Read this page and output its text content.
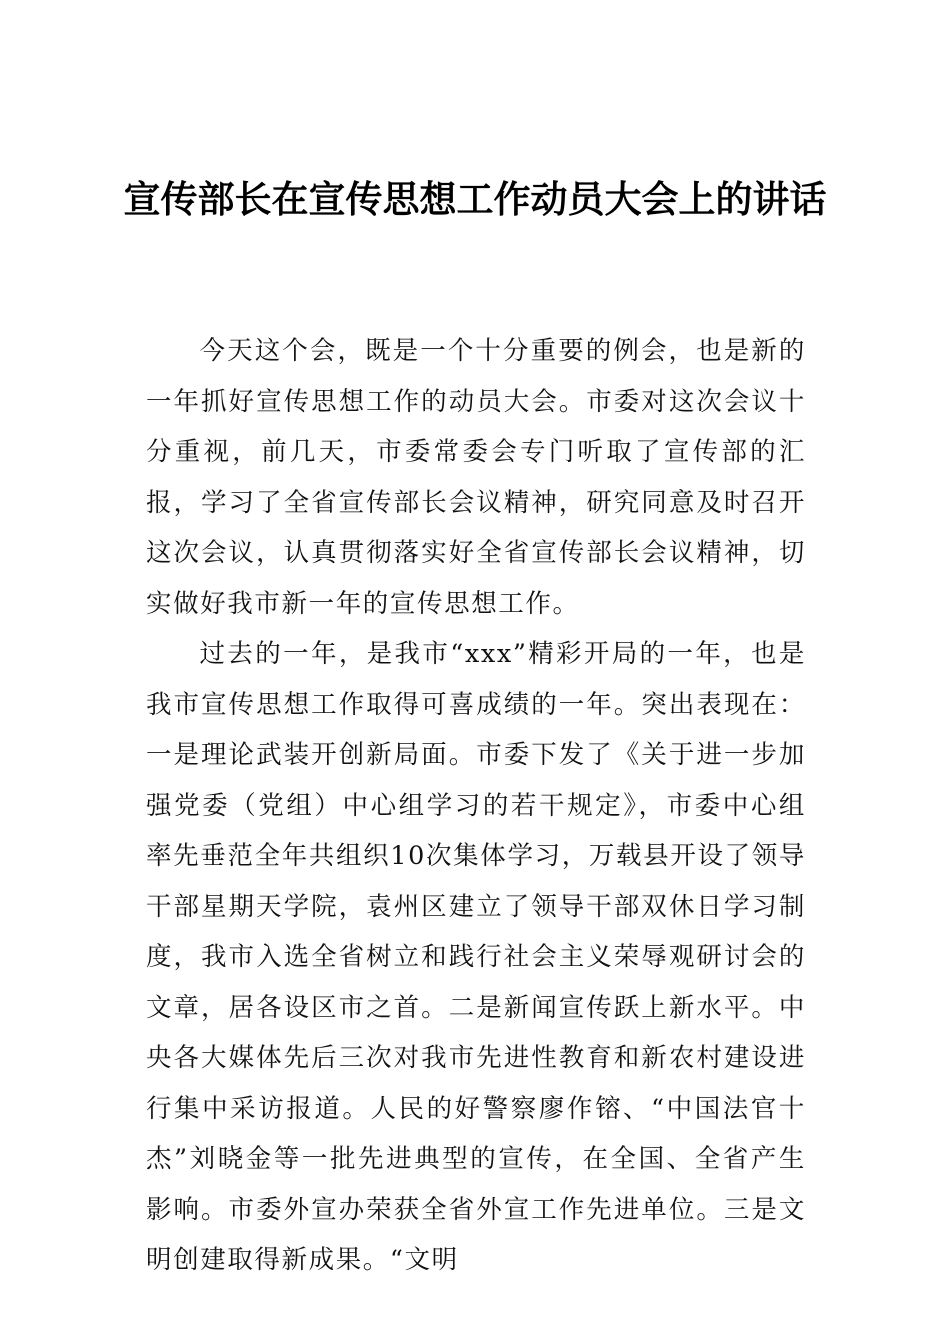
宣传部长在宣传思想工作动员大会上的讲话

今天这个会，既是一个十分重要的例会，也是新的一年抓好宣传思想工作的动员大会。市委对这次会议十分重视，前几天，市委常委会专门听取了宣传部的汇报，学习了全省宣传部长会议精神，研究同意及时召开这次会议，认真贯彻落实好全省宣传部长会议精神，切实做好我市新一年的宣传思想工作。

过去的一年，是我市“xxx”精彩开局的一年，也是我市宣传思想工作取得可喜成绩的一年。突出表现在：一是理论武装开创新局面。市委下发了《关于进一步加强党委（党组）中心组学习的若干规定》，市委中心组率先垂范全年共组织10次集体学习，万载县开设了领导干部星期天学院，袁州区建立了领导干部双休日学习制度，我市入选全省树立和践行社会主义荣辱观研讨会的文章，居各设区市之首。二是新闻宣传跃上新水平。中央各大媒体先后三次对我市先进性教育和新农村建设进行集中采访报道。人民的好警察廖作镕、“中国法官十杰”刘晓金等一批先进典型的宣传，在全国、全省产生影响。市委外宣办荣获全省外宣工作先进单位。三是文明创建取得新成果。“文明
